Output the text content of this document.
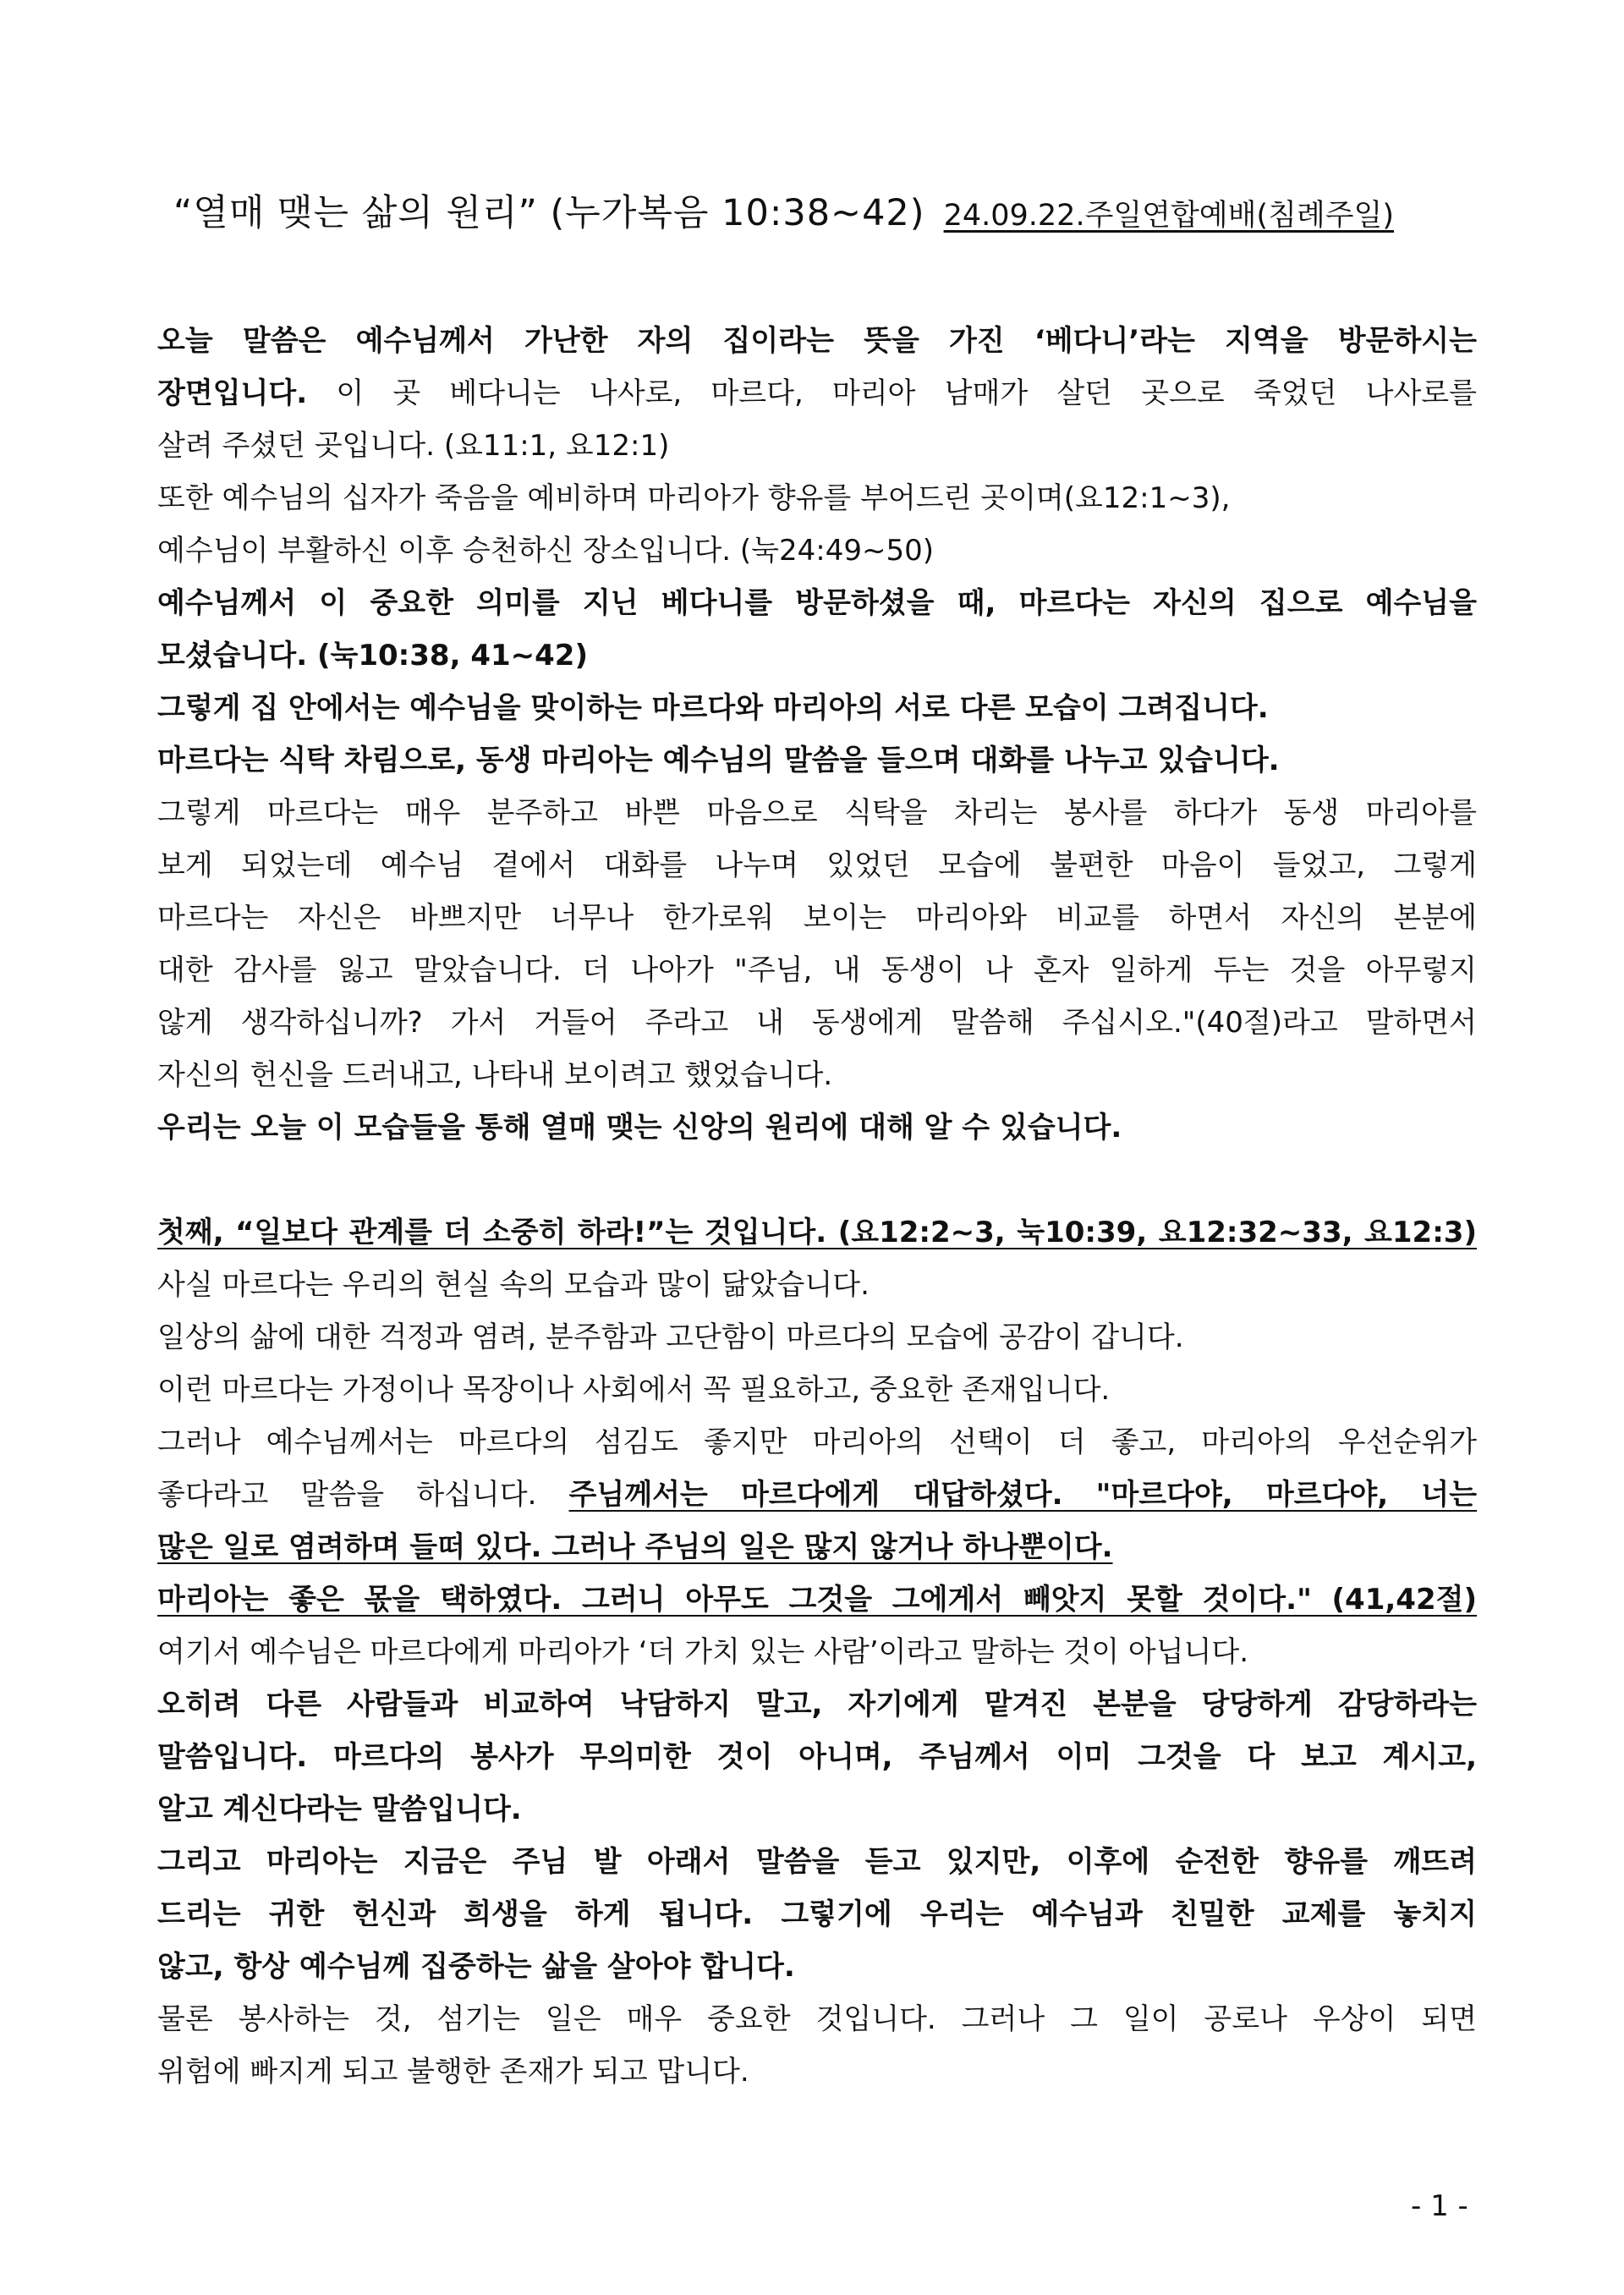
“열매 맺는 삶의 원리” (누가복음 10:38~42) 24.09.22.주일연합예배(침례주일)
오늘 말씀은 예수님께서 가난한 자의 집이라는 뜻을 가진 ‘베다니’라는 지역을 방문하시는
장면입니다. 이 곳 베다니는 나사로, 마르다, 마리아 남매가 살던 곳으로 죽었던 나사로를
살려 주셨던 곳입니다. (요11:1, 요12:1)
또한 예수님의 십자가 죽음을 예비하며 마리아가 향유를 부어드린 곳이며(요12:1~3),
예수님이 부활하신 이후 승천하신 장소입니다. (눅24:49~50)
예수님께서 이 중요한 의미를 지닌 베다니를 방문하셨을 때, 마르다는 자신의 집으로 예수님을
모셨습니다. (눅10:38, 41~42)
그렇게 집 안에서는 예수님을 맞이하는 마르다와 마리아의 서로 다른 모습이 그려집니다.
마르다는 식탁 차림으로, 동생 마리아는 예수님의 말씀을 들으며 대화를 나누고 있습니다.
그렇게 마르다는 매우 분주하고 바쁜 마음으로 식탁을 차리는 봉사를 하다가 동생 마리아를
보게 되었는데 예수님 곁에서 대화를 나누며 있었던 모습에 불편한 마음이 들었고, 그렇게
마르다는 자신은 바쁘지만 너무나 한가로워 보이는 마리아와 비교를 하면서 자신의 본분에
대한 감사를 잃고 말았습니다. 더 나아가 "주님, 내 동생이 나 혼자 일하게 두는 것을 아무렇지
않게 생각하십니까? 가서 거들어 주라고 내 동생에게 말씀해 주십시오."(40절)라고 말하면서
자신의 헌신을 드러내고, 나타내 보이려고 했었습니다.
우리는 오늘 이 모습들을 통해 열매 맺는 신앙의 원리에 대해 알 수 있습니다.
첫째, “일보다 관계를 더 소중히 하라!”는 것입니다. (요12:2~3, 눅10:39, 요12:32~33, 요12:3)
사실 마르다는 우리의 현실 속의 모습과 많이 닮았습니다.
일상의 삶에 대한 걱정과 염려, 분주함과 고단함이 마르다의 모습에 공감이 갑니다.
이런 마르다는 가정이나 목장이나 사회에서 꼭 필요하고, 중요한 존재입니다.
그러나 예수님께서는 마르다의 섬김도 좋지만 마리아의 선택이 더 좋고, 마리아의 우선순위가
좋다라고 말씀을 하십니다. 주님께서는 마르다에게 대답하셨다. "마르다야, 마르다야, 너는
많은 일로 염려하며 들떠 있다. 그러나 주님의 일은 많지 않거나 하나뿐이다.
마리아는 좋은 몫을 택하였다. 그러니 아무도 그것을 그에게서 빼앗지 못할 것이다." (41,42절)
여기서 예수님은 마르다에게 마리아가 ‘더 가치 있는 사람’이라고 말하는 것이 아닙니다.
오히려 다른 사람들과 비교하여 낙담하지 말고, 자기에게 맡겨진 본분을 당당하게 감당하라는
말씀입니다. 마르다의 봉사가 무의미한 것이 아니며, 주님께서 이미 그것을 다 보고 계시고,
알고 계신다라는 말씀입니다.
그리고 마리아는 지금은 주님 발 아래서 말씀을 듣고 있지만, 이후에 순전한 향유를 깨뜨려
드리는 귀한 헌신과 희생을 하게 됩니다. 그렇기에 우리는 예수님과 친밀한 교제를 놓치지
않고, 항상 예수님께 집중하는 삶을 살아야 합니다.
물론 봉사하는 것, 섬기는 일은 매우 중요한 것입니다. 그러나 그 일이 공로나 우상이 되면
위험에 빠지게 되고 불행한 존재가 되고 맙니다.
- 1 -
